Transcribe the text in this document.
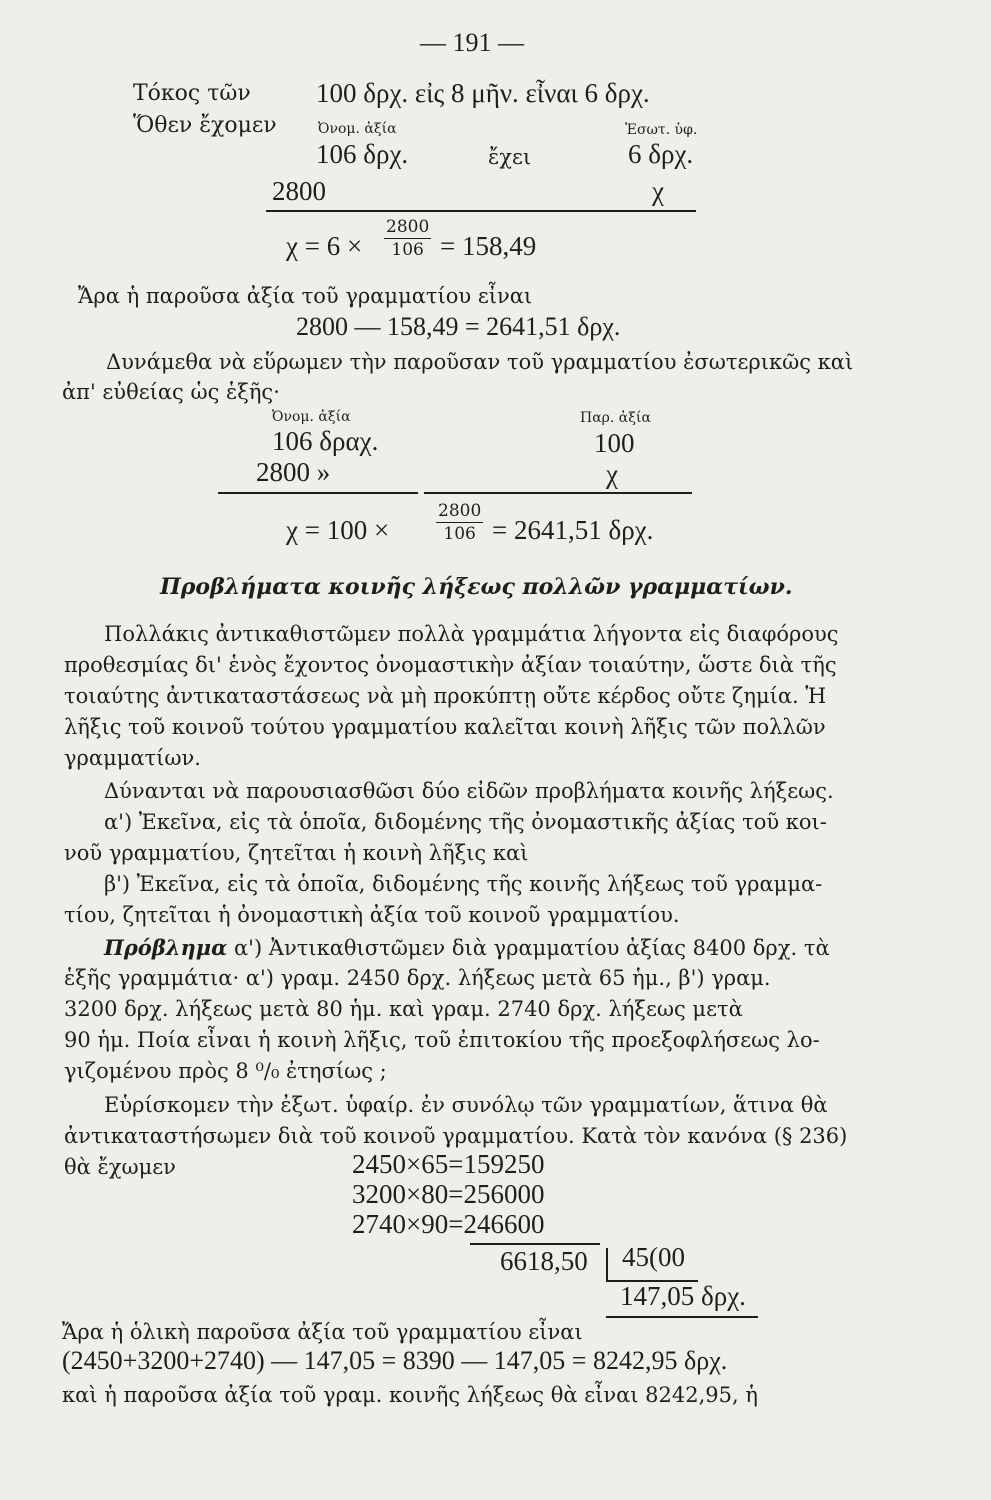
— 191 —
Τόκος τῶν 100 δρχ. εἰς 8 μῆν. εἶναι 6 δρχ.
Ὅθεν ἔχομεν	Ὀνομ. ἀξία	Ἐσωτ. ὑφ.
106 δρχ.	ἔχει	6 δρχ.
2800	χ
$\chi = 6 \times \frac{2800}{106} = 158,49$
Ἄρα ἡ παροῦσα ἀξία τοῦ γραμματίου εἶναι
2800 — 158,49 = 2641,51 δρχ.
Δυνάμεθα νὰ εὕρωμεν τὴν παροῦσαν τοῦ γραμματίου ἐσωτερικῶς καὶ
ἀπ' εὐθείας ὡς ἑξῆς·
Ὀνομ. ἀξία	Παρ. ἀξία
106 δραχ.	100
2800 »	χ
χ = 100 ×	$\frac{2800}{106} = 2641,51$ δρχ.
Προβλήματα κοινῆς λήξεως πολλῶν γραμματίων.
Πολλάκις ἀντικαθιστῶμεν πολλὰ γραμμάτια λήγοντα εἰς διαφόρους
προθεσμίας δι' ἑνὸς ἔχοντος ὀνομαστικὴν ἀξίαν τοιαύτην, ὥστε διὰ τῆς
τοιαύτης ἀντικαταστάσεως νὰ μὴ προκύπτῃ οὔτε κέρδος οὔτε ζημία. Ἡ
λῆξις τοῦ κοινοῦ τούτου γραμματίου καλεῖται κοινὴ λῆξις τῶν πολλῶν
γραμματίων.
Δύνανται νὰ παρουσιασθῶσι δύο εἰδῶν προβλήματα κοινῆς λήξεως.
α') Ἐκεῖνα, εἰς τὰ ὁποῖα, διδομένης τῆς ὀνομαστικῆς ἀξίας τοῦ κοι-
νοῦ γραμματίου, ζητεῖται ἡ κοινὴ λῆξις καὶ
β') Ἐκεῖνα, εἰς τὰ ὁποῖα, διδομένης τῆς κοινῆς λήξεως τοῦ γραμμα-
τίου, ζητεῖται ἡ ὀνομαστικὴ ἀξία τοῦ κοινοῦ γραμματίου.
Πρόβλημα α') Ἀντικαθιστῶμεν διὰ γραμματίου ἀξίας 8400 δρχ. τὰ
ἑξῆς γραμμάτια· α') γραμ. 2450 δρχ. λήξεως μετὰ 65 ἡμ., β') γραμ.
3200 δρχ. λήξεως μετὰ 80 ἡμ. καὶ γραμ. 2740 δρχ. λήξεως μετὰ
90 ἡμ. Ποία εἶναι ἡ κοινὴ λῆξις, τοῦ ἐπιτοκίου τῆς προεξοφλήσεως λο-
γιζομένου πρὸς 8 ⁰/₀ ἐτησίως ;
Εὑρίσκομεν τὴν ἐξωτ. ὑφαίρ. ἐν συνόλῳ τῶν γραμματίων, ἅτινα θὰ
ἀντικαταστήσωμεν διὰ τοῦ κοινοῦ γραμματίου. Κατὰ τὸν κανόνα (§ 236)
θὰ ἔχωμεν	2450×65=159250
3200×80=256000
2740×90=246600
6618,50 45(00
147,05 δρχ.
Ἄρα ἡ ὁλικὴ παροῦσα ἀξία τοῦ γραμματίου εἶναι
(2450+3200+2740) — 147,05 = 8390 — 147,05 = 8242,95 δρχ.
καὶ ἡ παροῦσα ἀξία τοῦ γραμ. κοινῆς λήξεως θὰ εἶναι 8242,95, ἡ
